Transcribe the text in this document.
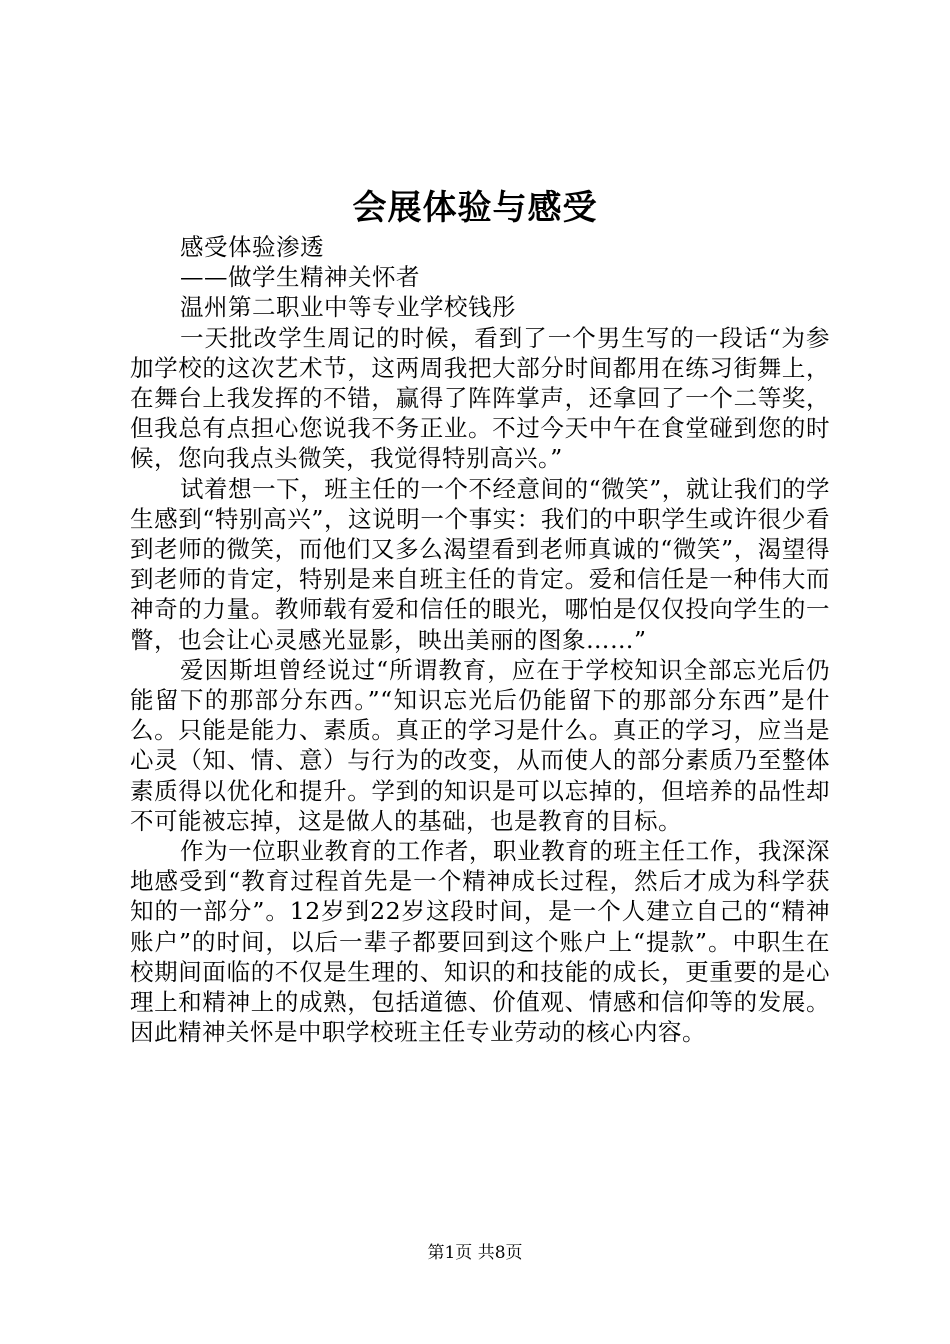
会展体验与感受
感受体验渗透
——做学生精神关怀者
温州第二职业中等专业学校钱彤

一天批改学生周记的时候，看到了一个男生写的一段话“为参加学校的这次艺术节，这两周我把大部分时间都用在练习街舞上，在舞台上我发挥的不错，赢得了阵阵掌声，还拿回了一个二等奖，但我总有点担心您说我不务正业。不过今天中午在食堂碰到您的时候，您向我点头微笑，我觉得特别高兴。”

试着想一下，班主任的一个不经意间的“微笑”，就让我们的学生感到“特别高兴”，这说明一个事实：我们的中职学生或许很少看到老师的微笑，而他们又多么渴望看到老师真诚的“微笑”，渴望得到老师的肯定，特别是来自班主任的肯定。爱和信任是一种伟大而神奇的力量。教师载有爱和信任的眼光，哪怕是仅仅投向学生的一瞥，也会让心灵感光显影，映出美丽的图象……”

爱因斯坦曾经说过“所谓教育，应在于学校知识全部忘光后仍能留下的那部分东西。”“知识忘光后仍能留下的那部分东西”是什么。只能是能力、素质。真正的学习是什么。真正的学习，应当是心灵（知、情、意）与行为的改变，从而使人的部分素质乃至整体素质得以优化和提升。学到的知识是可以忘掉的，但培养的品性却不可能被忘掉，这是做人的基础，也是教育的目标。

作为一位职业教育的工作者，职业教育的班主任工作，我深深地感受到“教育过程首先是一个精神成长过程，然后才成为科学获知的一部分”。12岁到22岁这段时间，是一个人建立自己的“精神账户”的时间，以后一辈子都要回到这个账户上“提款”。中职生在校期间面临的不仅是生理的、知识的和技能的成长，更重要的是心理上和精神上的成熟，包括道德、价值观、情感和信仰等的发展。因此精神关怀是中职学校班主任专业劳动的核心内容。

第1页 共8页
